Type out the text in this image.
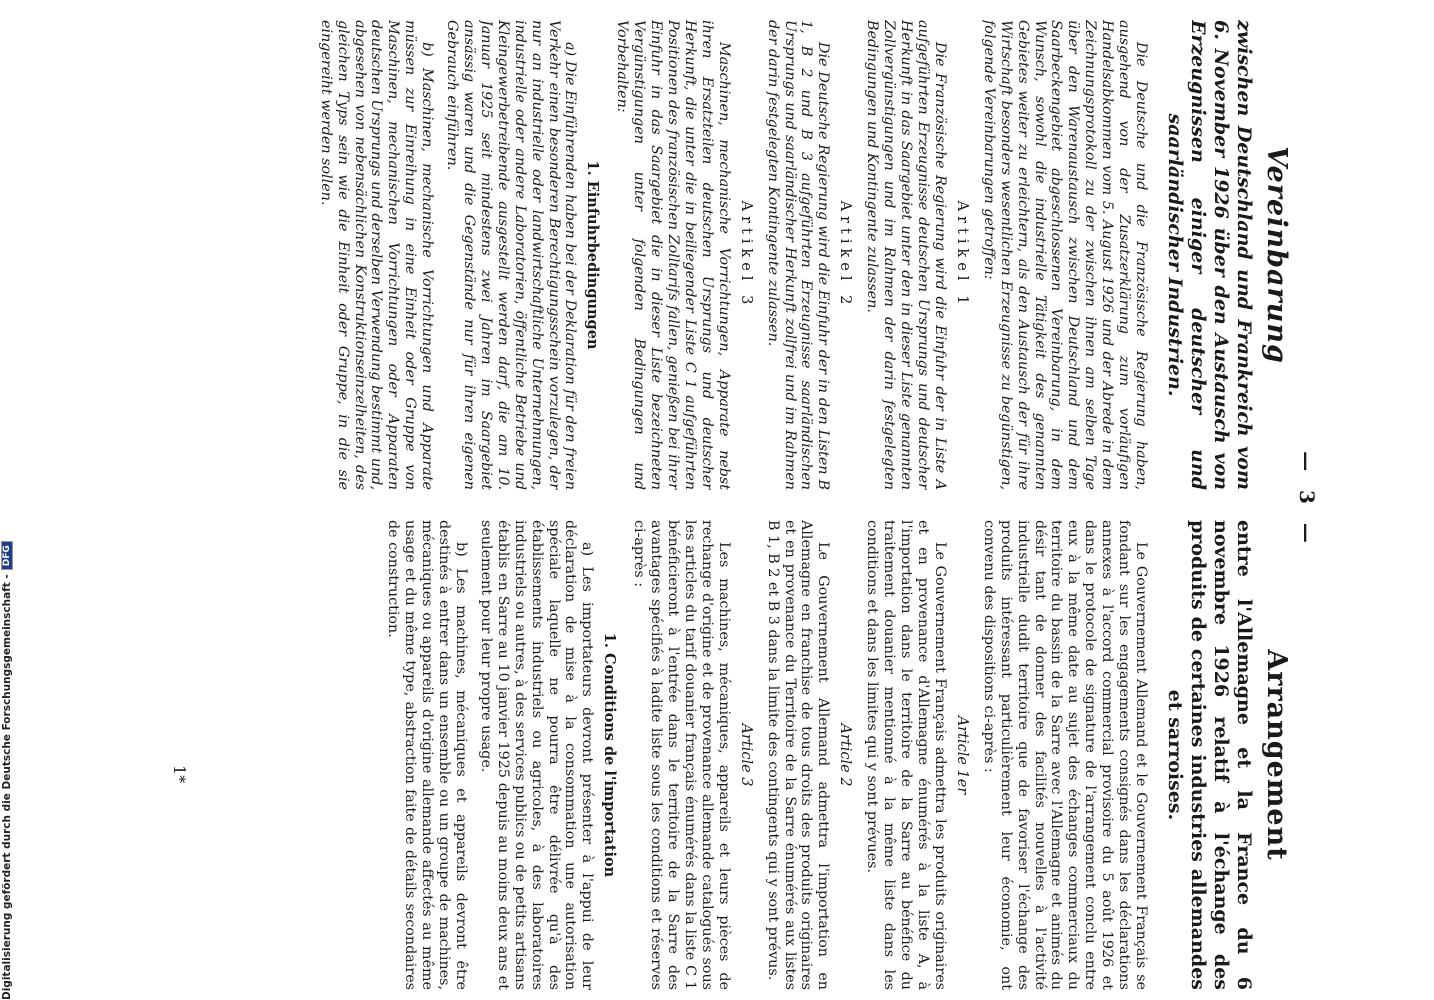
— 3 —
Vereinbarung
zwischen Deutschland und Frankreich vom 6. November 1926 über den Austausch von Erzeugnissen einiger deutscher und saarländischer Industrien.

Die Deutsche und die Französische Regierung haben, ausgehend von der Zusatzerklärung zum vorläufigen Handelsabkommen vom 5. August 1926 und der Abrede in dem Zeichnungsprotokoll zu der zwischen ihnen am selben Tage über den Warenaustausch zwischen Deutschland und dem Saarbeckengebiet abgeschlossenen Vereinbarung, in dem Wunsch, sowohl die industrielle Tätigkeit des genannten Gebietes weiter zu erleichtern, als den Austausch der für ihre Wirtschaft besonders wesentlichen Erzeugnisse zu begünstigen, folgende Vereinbarungen getroffen:

Artikel 1

Die Französische Regierung wird die Einfuhr der in Liste A aufgeführten Erzeugnisse deutschen Ursprungs und deutscher Herkunft in das Saargebiet unter den in dieser Liste genannten Zollvergünstigungen und im Rahmen der darin festgelegten Bedingungen und Kontingente zulassen.

Artikel 2

Die Deutsche Regierung wird die Einfuhr der in den Listen B 1, B 2 und B 3 aufgeführten Erzeugnisse saarländischen Ursprungs und saarländischer Herkunft zollfrei und im Rahmen der darin festgelegten Kontingente zulassen.

Artikel 3

Maschinen, mechanische Vorrichtungen, Apparate nebst ihren Ersatzteilen deutschen Ursprungs und deutscher Herkunft, die unter die in beiliegender Liste C 1 aufgeführten Positionen des französischen Zolltarifs fallen, genießen bei ihrer Einfuhr in das Saargebiet die in dieser Liste bezeichneten Vergünstigungen unter folgenden Bedingungen und Vorbehalten:

1. Einfuhrbedingungen

a) Die Einführenden haben bei der Deklaration für den freien Verkehr einen besonderen Berechtigungsschein vorzulegen, der nur an industrielle oder landwirtschaftliche Unternehmungen, industrielle oder andere Laboratorien, öffentliche Betriebe und Kleingewerbetreibende ausgestellt werden darf, die am 10. Januar 1925 seit mindestens zwei Jahren im Saargebiet ansässig waren und die Gegenstände nur für ihren eigenen Gebrauch einführen.

b) Maschinen, mechanische Vorrichtungen und Apparate müssen zur Einreihung in eine Einheit oder Gruppe von Maschinen, mechanischen Vorrichtungen oder Apparaten deutschen Ursprungs und derselben Verwendung bestimmt und, abgesehen von nebensächlichen Konstruktionseinzelheiten, des gleichen Typs sein wie die Einheit oder Gruppe, in die sie eingereiht werden sollen.

Arrangement
entre l'Allemagne et la France du 6 novembre 1926 relatif à l'échange des produits de certaines industries allemandes et sarroises.

Le Gouvernement Allemand et le Gouvernement Français se fondant sur les engagements consignés dans les déclarations annexes à l'accord commercial provisoire du 5 août 1926 et dans le protocole de signature de l'arrangement conclu entre eux à la même date au sujet des échanges commerciaux du territoire du bassin de la Sarre avec l'Allemagne et animés du désir tant de donner des facilités nouvelles à l'activité industrielle dudit territoire que de favoriser l'échange des produits intéressant particulièrement leur économie, ont convenu des dispositions ci-après :

Article 1er

Le Gouvernement Français admettra les produits originaires et en provenance d'Allemagne énumérés à la liste A, à l'importation dans le territoire de la Sarre au bénéfice du traitement douanier mentionné à la même liste dans les conditions et dans les limites qui y sont prévues.

Article 2

Le Gouvernement Allemand admettra l'importation en Allemagne en franchise de tous droits des produits originaires et en provenance du Territoire de la Sarre énumérés aux listes B 1, B 2 et B 3 dans la limite des contingents qui y sont prévus.

Article 3

Les machines, mécaniques, appareils et leurs pièces de rechange d'origine et de provenance allemande catalogués sous les articles du tarif douanier français énumérés dans la liste C 1 bénéficieront à l'entrée dans le territoire de la Sarre des avantages spécifiés à ladite liste sous les conditions et réserves ci-après :

1. Conditions de l'importation

a) Les importateurs devront présenter à l'appui de leur déclaration de mise à la consommation une autorisation spéciale laquelle ne pourra être délivrée qu'à des établissements industriels ou agricoles, à des laboratoires industriels ou autres, à des services publics ou de petits artisans établis en Sarre au 10 janvier 1925 depuis au moins deux ans et seulement pour leur propre usage.

b) Les machines, mécaniques et appareils devront être destinés à entrer dans un ensemble ou un groupe de machines, mécaniques ou appareils d'origine allemande affectés au même usage et du même type, abstraction faite de détails secondaires de construction.

1*
Digitalisierung gefördert durch die Deutsche Forschungsgemeinschaft -
DFG
